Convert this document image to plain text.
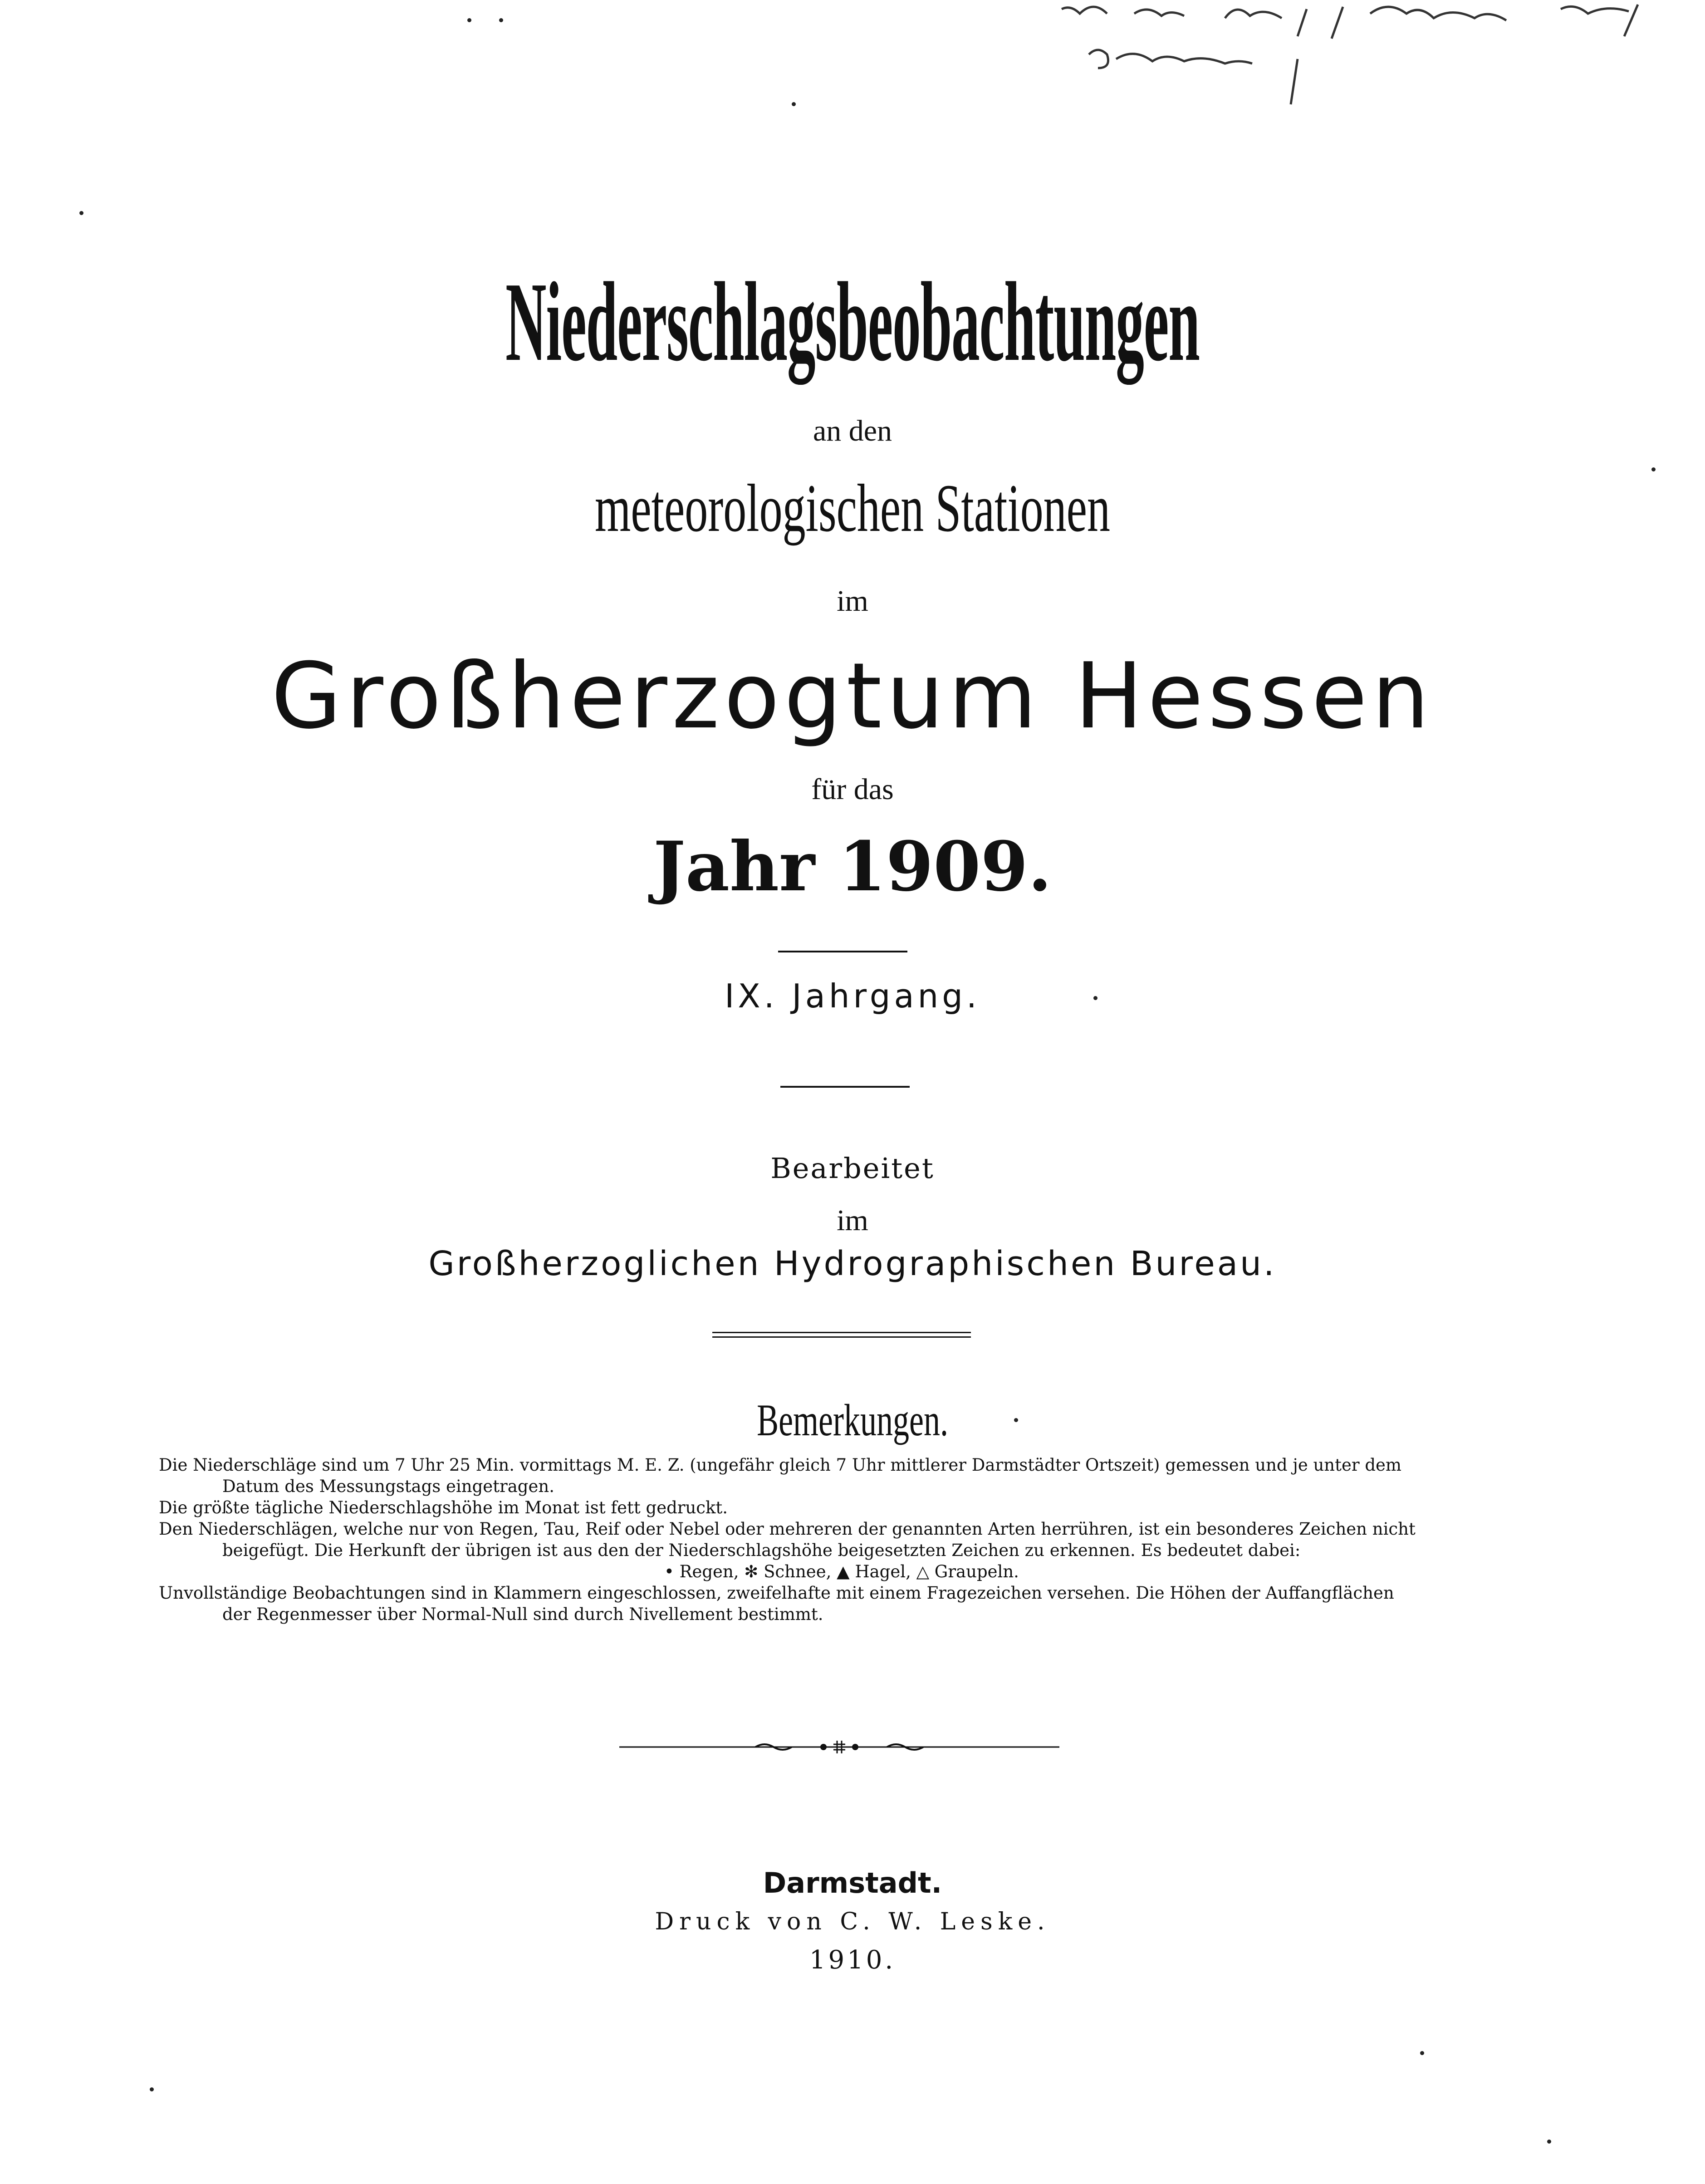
Niederschlagsbeobachtungen
an den
meteorologischen Stationen
im
Großherzogtum Hessen
für das
Jahr 1909.
IX. Jahrgang.
Bearbeitet
im
Großherzoglichen Hydrographischen Bureau.
Bemerkungen.

Die Niederschläge sind um 7 Uhr 25 Min. vormittags M. E. Z. (ungefähr gleich 7 Uhr mittlerer Darmstädter Ortszeit) gemessen und je unter dem

Datum des Messungstags eingetragen.

Die größte tägliche Niederschlagshöhe im Monat ist fett gedruckt.

Den Niederschlägen, welche nur von Regen, Tau, Reif oder Nebel oder mehreren der genannten Arten herrühren, ist ein besonderes Zeichen nicht

beigefügt. Die Herkunft der übrigen ist aus den der Niederschlagshöhe beigesetzten Zeichen zu erkennen. Es bedeutet dabei:

• Regen, ✻ Schnee, ▲ Hagel, △ Graupeln.

Unvollständige Beobachtungen sind in Klammern eingeschlossen, zweifelhafte mit einem Fragezeichen versehen. Die Höhen der Auffangflächen

der Regenmesser über Normal-Null sind durch Nivellement bestimmt.

Darmstadt.
Druck von C. W. Leske.
1910.
